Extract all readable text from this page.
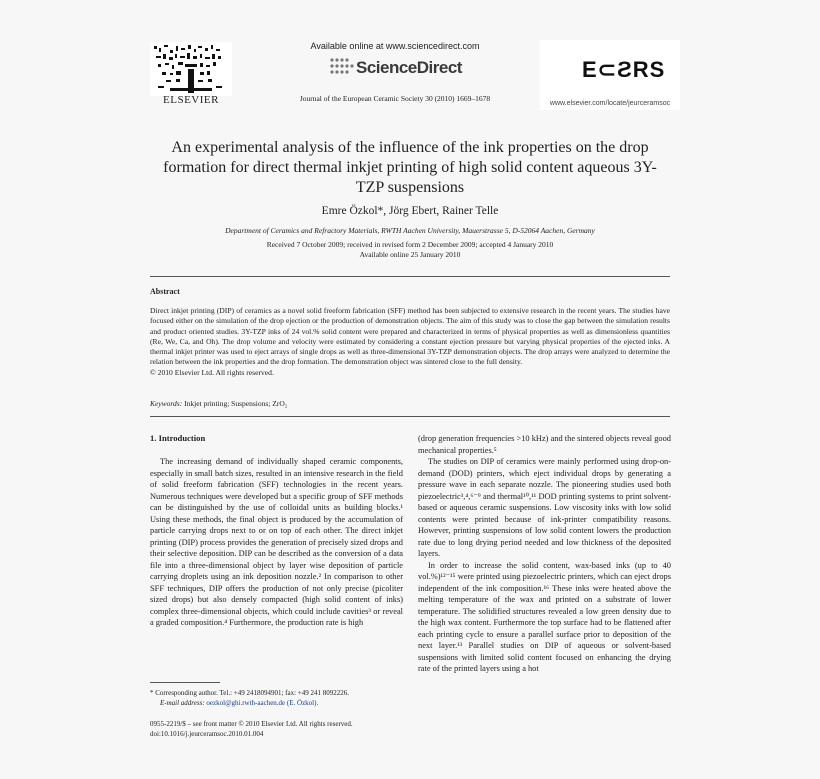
ELSEVIER
Available online at www.sciencedirect.com
ScienceDirect
Journal of the European Ceramic Society 30 (2010) 1669–1678
E⊂ƧRS
www.elsevier.com/locate/jeurceramsoc
An experimental analysis of the influence of the ink properties on the drop formation for direct thermal inkjet printing of high solid content aqueous 3Y-TZP suspensions
Emre Özkol*, Jörg Ebert, Rainer Telle
Department of Ceramics and Refractory Materials, RWTH Aachen University, Mauerstrasse 5, D-52064 Aachen, Germany
Received 7 October 2009; received in revised form 2 December 2009; accepted 4 January 2010
Available online 25 January 2010
Abstract
Direct inkjet printing (DIP) of ceramics as a novel solid freeform fabrication (SFF) method has been subjected to extensive research in the recent years. The studies have focused either on the simulation of the drop ejection or the production of demonstration objects. The aim of this study was to close the gap between the simulation results and product oriented studies. 3Y-TZP inks of 24 vol.% solid content were prepared and characterized in terms of physical properties as well as dimensionless quantities (Re, We, Ca, and Oh). The drop volume and velocity were estimated by considering a constant ejection pressure but varying physical properties of the ejected inks. A thermal inkjet printer was used to eject arrays of single drops as well as three-dimensional 3Y-TZP demonstration objects. The drop arrays were analyzed to determine the relation between the ink properties and the drop formation. The demonstration object was sintered close to the full density.
© 2010 Elsevier Ltd. All rights reserved.
Keywords: Inkjet printing; Suspensions; ZrO₂
1. Introduction

The increasing demand of individually shaped ceramic components, especially in small batch sizes, resulted in an intensive research in the field of solid freeform fabrication (SFF) technologies in the recent years. Numerous techniques were developed but a specific group of SFF methods can be distinguished by the use of colloidal units as building blocks.¹ Using these methods, the final object is produced by the accumulation of particle carrying drops next to or on top of each other. The direct inkjet printing (DIP) process provides the generation of precisely sized drops and their selective deposition. DIP can be described as the conversion of a data file into a three-dimensional object by layer wise deposition of particle carrying droplets using an ink deposition nozzle.² In comparison to other SFF techniques, DIP offers the production of not only precise (picoliter sized drops) but also densely compacted (high solid content of inks) complex three-dimensional objects, which could include cavities³ or reveal a graded composition.⁴ Furthermore, the production rate is high

(drop generation frequencies >10 kHz) and the sintered objects reveal good mechanical properties.⁵

The studies on DIP of ceramics were mainly performed using drop-on-demand (DOD) printers, which eject individual drops by generating a pressure wave in each separate nozzle. The pioneering studies used both piezoelectric³,⁴,⁶⁻⁹ and thermal¹⁰,¹¹ DOD printing systems to print solvent-based or aqueous ceramic suspensions. Low viscosity inks with low solid contents were printed because of ink-printer compatibility reasons. However, printing suspensions of low solid content lowers the production rate due to long drying period needed and low thickness of the deposited layers.

In order to increase the solid content, wax-based inks (up to 40 vol.%)¹²⁻¹⁵ were printed using piezoelectric printers, which can eject drops independent of the ink composition.¹⁶ These inks were heated above the melting temperature of the wax and printed on a substrate of lower temperature. The solidified structures revealed a low green density due to the high wax content. Furthermore the top surface had to be flattened after each printing cycle to ensure a parallel surface prior to deposition of the next layer.¹³ Parallel studies on DIP of aqueous or solvent-based suspensions with limited solid content focused on enhancing the drying rate of the printed layers using a hot

* Corresponding author. Tel.: +49 2418094901; fax: +49 241 8092226.
E-mail address: oezkol@ghi.rwth-aachen.de (E. Özkol).
0955-2219/$ – see front matter © 2010 Elsevier Ltd. All rights reserved.
doi:10.1016/j.jeurceramsoc.2010.01.004
